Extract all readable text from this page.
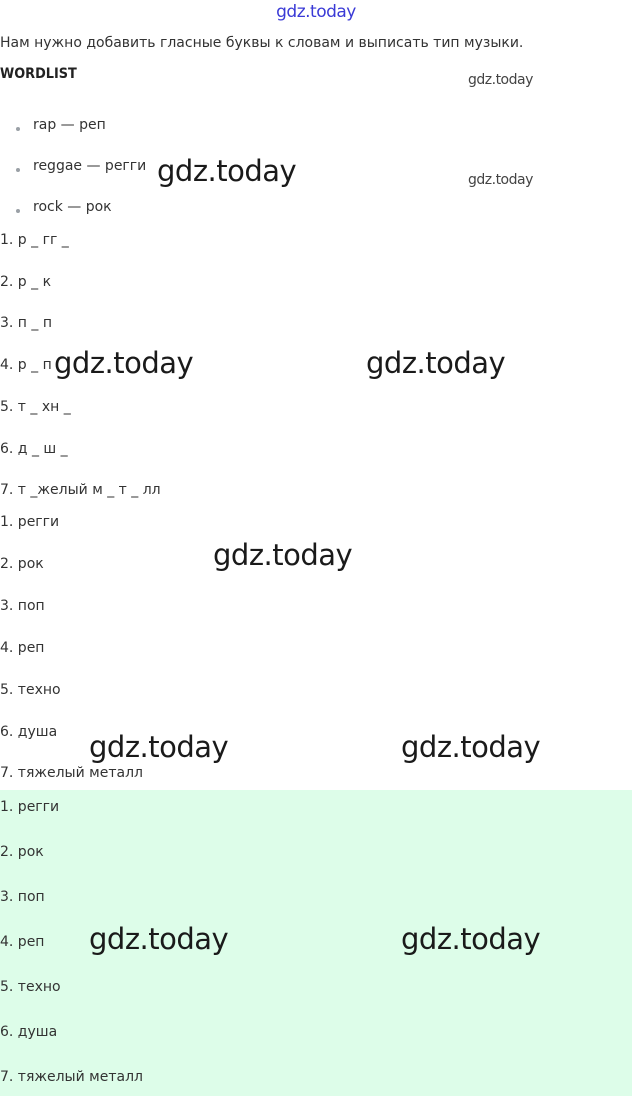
gdz.today
Нам нужно добавить гласные буквы к словам и выписать тип музыки.
WORDLIST
rap — реп
reggae — регги
rock — рок
1. р _ гг _
2. р _ к
3. п _ п
4. р _ п
5. т _ хн _
6. д _ ш _
7. т _желый м _ т _ лл
1. регги
2. рок
3. поп
4. реп
5. техно
6. душа
7. тяжелый металл
1. регги
2. рок
3. поп
4. реп
5. техно
6. душа
7. тяжелый металл
gdz.today
gdz.today
gdz.today
gdz.today	gdz.today
gdz.today
gdz.today	gdz.today
gdz.today	gdz.today
